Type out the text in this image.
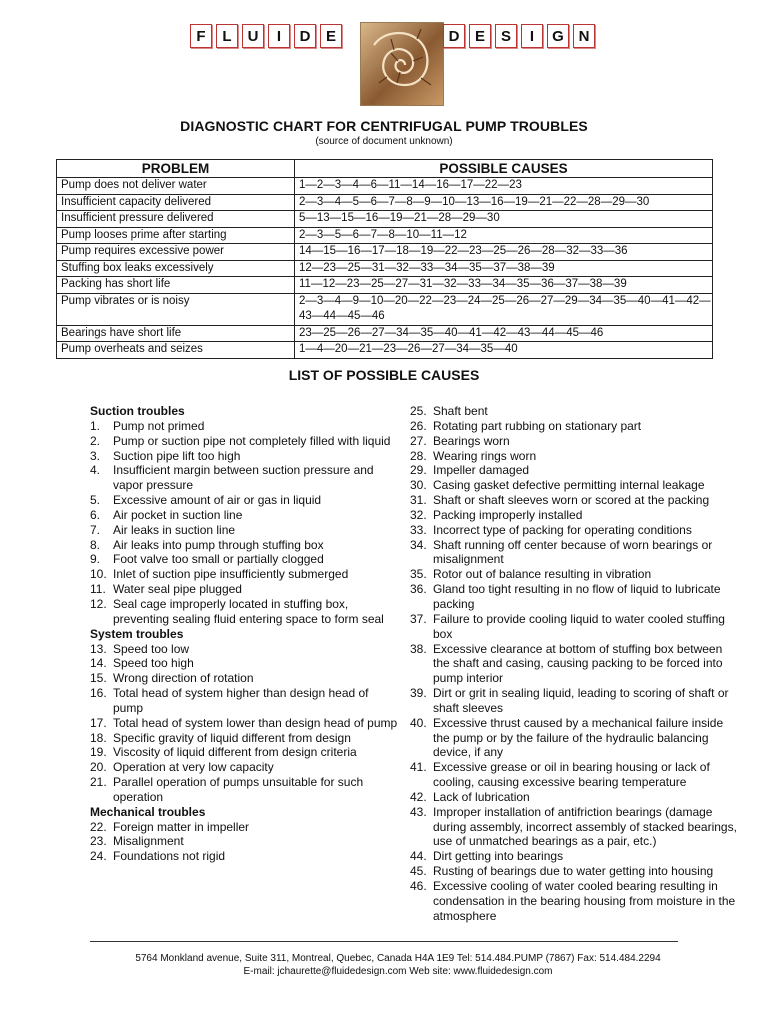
F	L	U	I	D	E	D	E	S	I	G N
DIAGNOSTIC CHART FOR CENTRIFUGAL PUMP TROUBLES
(source of document unknown)
PROBLEM	POSSIBLE CAUSES
Pump does not deliver water	1—2—3—4—6—11—14—16—17—22—23
Insufficient capacity delivered	2—3—4—5—6—7—8—9—10—13—16—19—21—22—28—29—30
Insufficient pressure delivered	5—13—15—16—19—21—28—29—30
Pump looses prime after starting	2—3—5—6—7—8—10—11—12
Pump requires excessive power	14—15—16—17—18—19—22—23—25—26—28—32—33—36
Stuffing box leaks excessively	12—23—25—31—32—33—34—35—37—38—39
Packing has short life	11—12—23—25—27—31—32—33—34—35—36—37—38—39
Pump vibrates or is noisy	2—3—4—9—10—20—22—23—24—25—26—27—29—34—35—40—41—42—43—44—45—46
Bearings have short life	23—25—26—27—34—35—40—41—42—43—44—45—46
Pump overheats and seizes	1—4—20—21—23—26—27—34—35—40
LIST OF POSSIBLE CAUSES
Suction troubles
1.	Pump not primed
2.	Pump or suction pipe not completely filled with liquid
3.	Suction pipe lift too high
4.	Insufficient margin between suction pressure and vapor pressure
5.	Excessive amount of air or gas in liquid
6.	Air pocket in suction line
7.	Air leaks in suction line
8.	Air leaks into pump through stuffing box
9.	Foot valve too small or partially clogged
10. Inlet of suction pipe insufficiently submerged
11. Water seal pipe plugged
12. Seal cage improperly located in stuffing box, preventing sealing fluid entering space to form seal
System troubles
13. Speed too low
14. Speed too high
15. Wrong direction of rotation
16. Total head of system higher than design head of pump
17. Total head of system lower than design head of pump
18. Specific gravity of liquid different from design
19. Viscosity of liquid different from design criteria
20. Operation at very low capacity
21. Parallel operation of pumps unsuitable for such operation
Mechanical troubles
22. Foreign matter in impeller
23. Misalignment
24. Foundations not rigid
25. Shaft bent
26. Rotating part rubbing on stationary part
27. Bearings worn
28. Wearing rings worn
29. Impeller damaged
30. Casing gasket defective permitting internal leakage
31. Shaft or shaft sleeves worn or scored at the packing
32. Packing improperly installed
33. Incorrect type of packing for operating conditions
34. Shaft running off center because of worn bearings or misalignment
35. Rotor out of balance resulting in vibration
36. Gland too tight resulting in no flow of liquid to lubricate packing
37. Failure to provide cooling liquid to water cooled stuffing box
38. Excessive clearance at bottom of stuffing box between the shaft and casing, causing packing to be forced into pump interior
39. Dirt or grit in sealing liquid, leading to scoring of shaft or shaft sleeves
40. Excessive thrust caused by a mechanical failure inside the pump or by the failure of the hydraulic balancing device, if any
41. Excessive grease or oil in bearing housing or lack of cooling, causing excessive bearing temperature
42. Lack of lubrication
43. Improper installation of antifriction bearings (damage during assembly, incorrect assembly of stacked bearings, use of unmatched bearings as a pair, etc.)
44. Dirt getting into bearings
45. Rusting of bearings due to water getting into housing
46. Excessive cooling of water cooled bearing resulting in condensation in the bearing housing from moisture in the atmosphere
5764 Monkland avenue, Suite 311, Montreal, Quebec, Canada H4A 1E9 Tel: 514.484.PUMP (7867) Fax: 514.484.2294
E-mail: jchaurette@fluidedesign.com Web site: www.fluidedesign.com
